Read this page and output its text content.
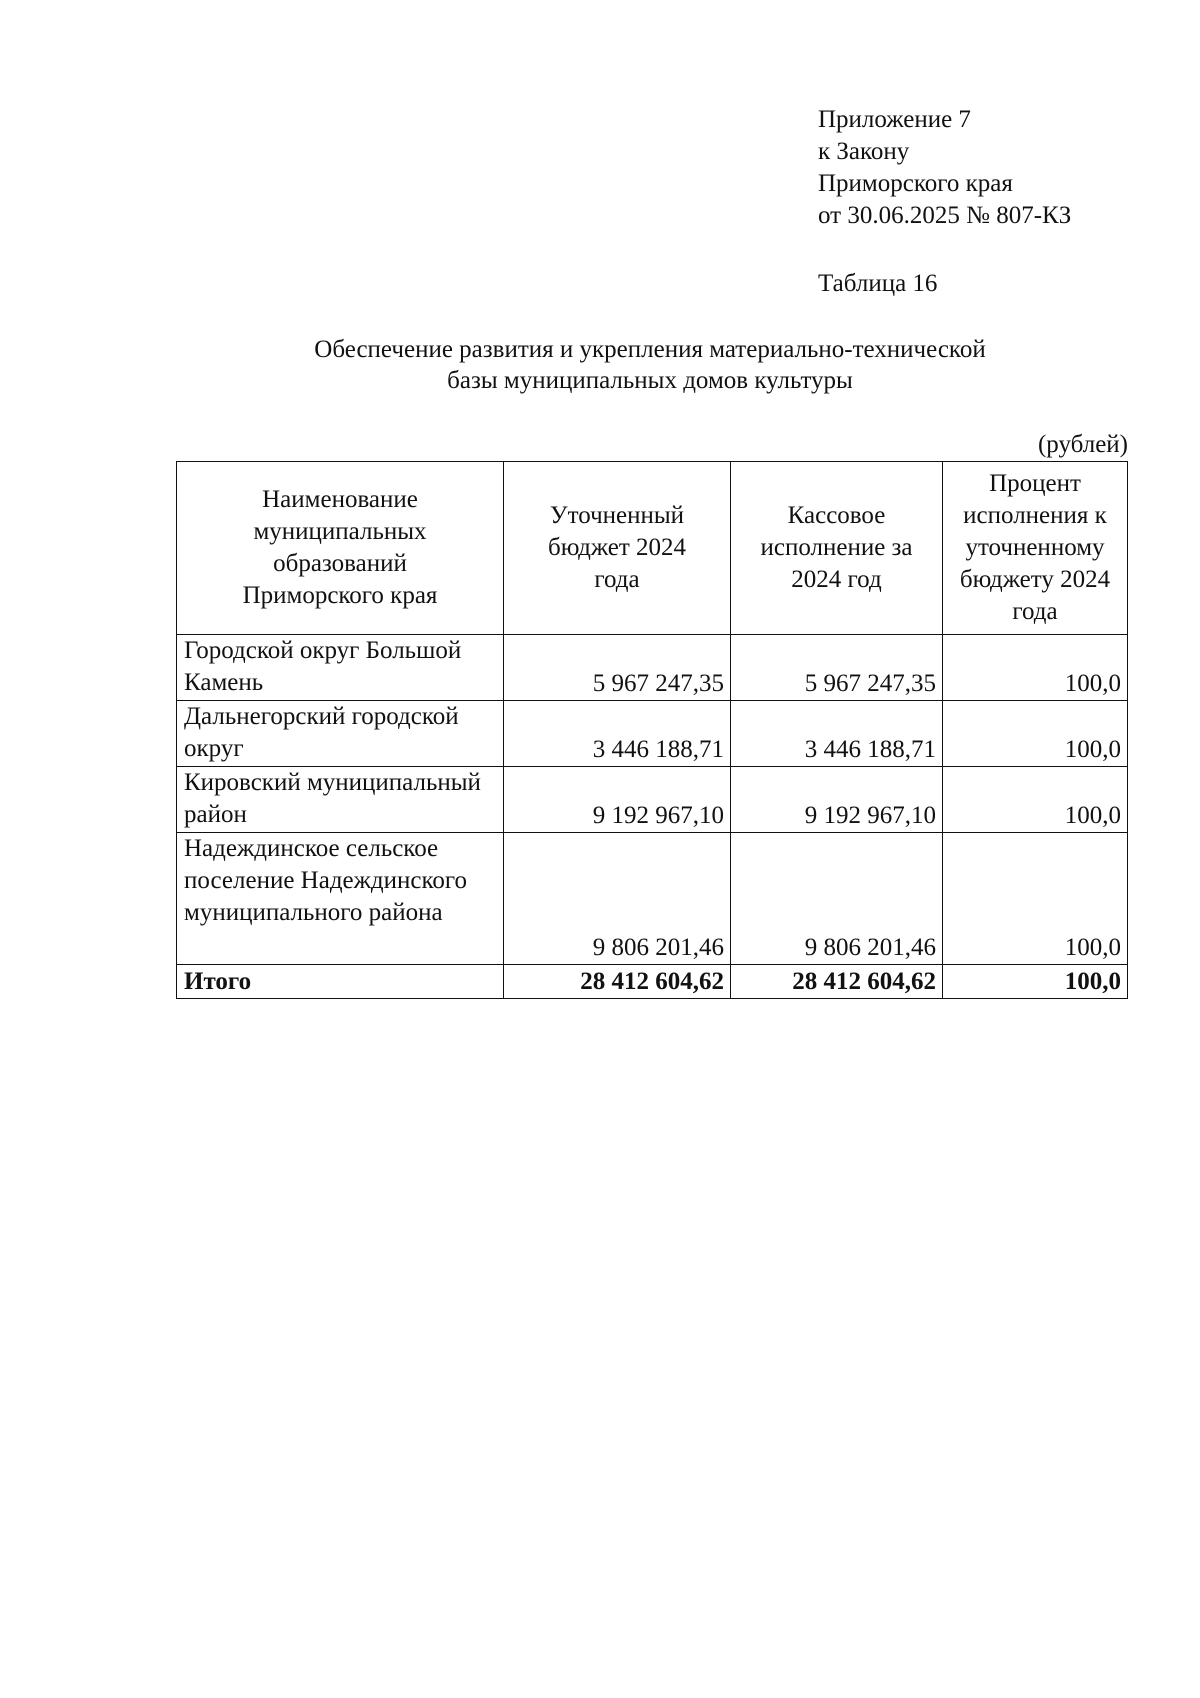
Приложение 7
к Закону
Приморского края
от 30.06.2025 № 807-КЗ
Таблица 16
Обеспечение развития и укрепления материально-технической
базы муниципальных домов культуры
(рублей)
Наименование муниципальных образований Приморского края	Уточненный бюджет 2024 года	Кассовое исполнение за 2024 год	Процент исполнения к уточненному бюджету 2024 года
Городской округ Большой Камень	5 967 247,35	5 967 247,35	100,0
Дальнегорский городской округ	3 446 188,71	3 446 188,71	100,0
Кировский муниципальный район	9 192 967,10	9 192 967,10	100,0
Надеждинское сельское поселение Надеждинского муниципального района	9 806 201,46	9 806 201,46	100,0
Итого	28 412 604,62	28 412 604,62	100,0
